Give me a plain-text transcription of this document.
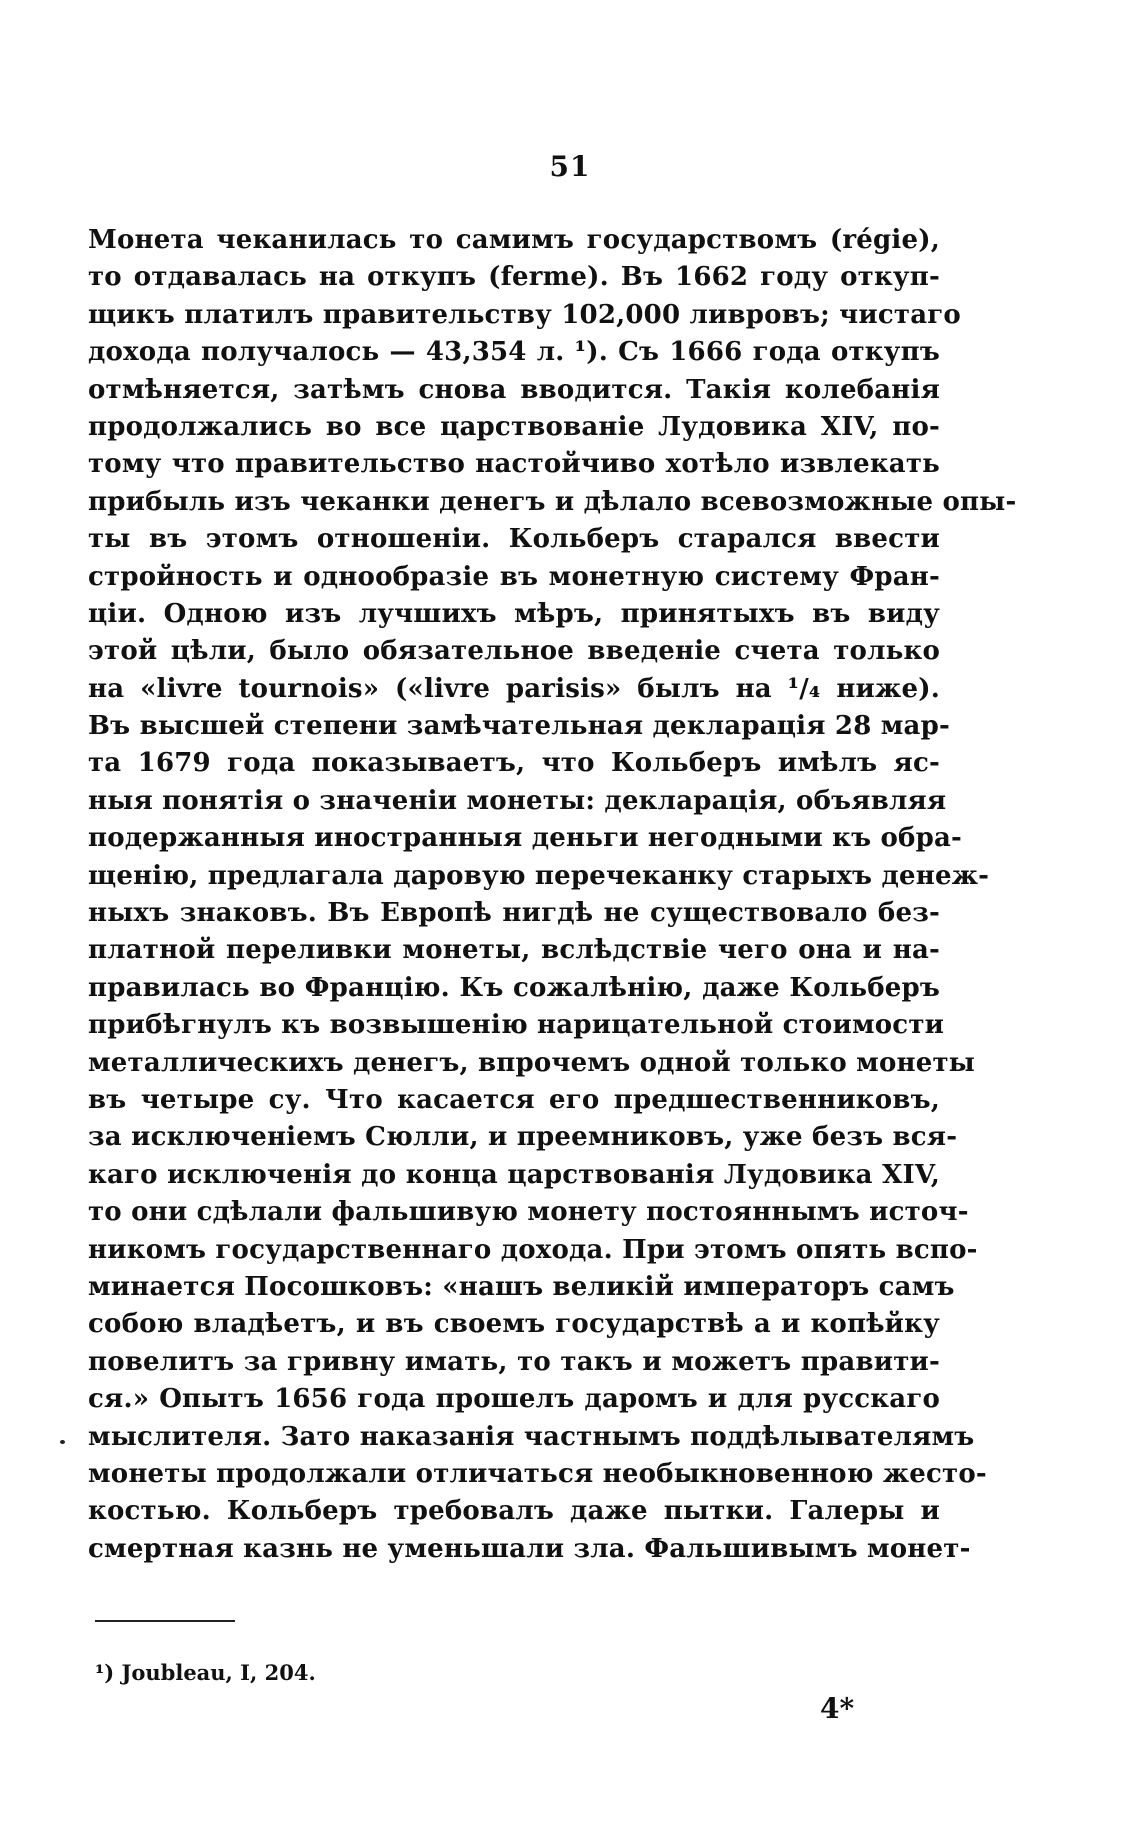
51
Монета чеканилась то самимъ государствомъ (régie),
то отдавалась на откупъ (ferme). Въ 1662 году откуп-
щикъ платилъ правительству 102,000 ливровъ; чистаго
дохода получалось — 43,354 л. ¹). Съ 1666 года откупъ
отмѣняется, затѣмъ снова вводится. Такія колебанія
продолжались во все царствованіе Лудовика XIV, по-
тому что правительство настойчиво хотѣло извлекать
прибыль изъ чеканки денегъ и дѣлало всевозможные опы-
ты въ этомъ отношеніи. Кольберъ старался ввести
стройность и однообразіе въ монетную систему Фран-
ціи. Одною изъ лучшихъ мѣръ, принятыхъ въ виду
этой цѣли, было обязательное введеніе счета только
на «livre tournois» («livre parisis» былъ на ¹/₄ ниже).
Въ высшей степени замѣчательная декларація 28 мар-
та 1679 года показываетъ, что Кольберъ имѣлъ яс-
ныя понятія о значеніи монеты: декларація, объявляя
подержанныя иностранныя деньги негодными къ обра-
щенію, предлагала даровую перечеканку старыхъ денеж-
ныхъ знаковъ. Въ Европѣ нигдѣ не существовало без-
платной переливки монеты, вслѣдствіе чего она и на-
правилась во Францію. Къ сожалѣнію, даже Кольберъ
прибѣгнулъ къ возвышенію нарицательной стоимости
металлическихъ денегъ, впрочемъ одной только монеты
въ четыре су. Что касается его предшественниковъ,
за исключеніемъ Сюлли, и преемниковъ, уже безъ вся-
каго исключенія до конца царствованія Лудовика XIV,
то они сдѣлали фальшивую монету постояннымъ источ-
никомъ государственнаго дохода. При этомъ опять вспо-
минается Посошковъ: «нашъ великій императоръ самъ
собою владѣетъ, и въ своемъ государствѣ а и копѣйку
повелитъ за гривну имать, то такъ и можетъ правити-
ся.» Опытъ 1656 года прошелъ даромъ и для русскаго
мыслителя. Зато наказанія частнымъ поддѣлывателямъ
монеты продолжали отличаться необыкновенною жесто-
костью. Кольберъ требовалъ даже пытки. Галеры и
смертная казнь не уменьшали зла. Фальшивымъ монет-
¹) Joubleau, I, 204.
4*
